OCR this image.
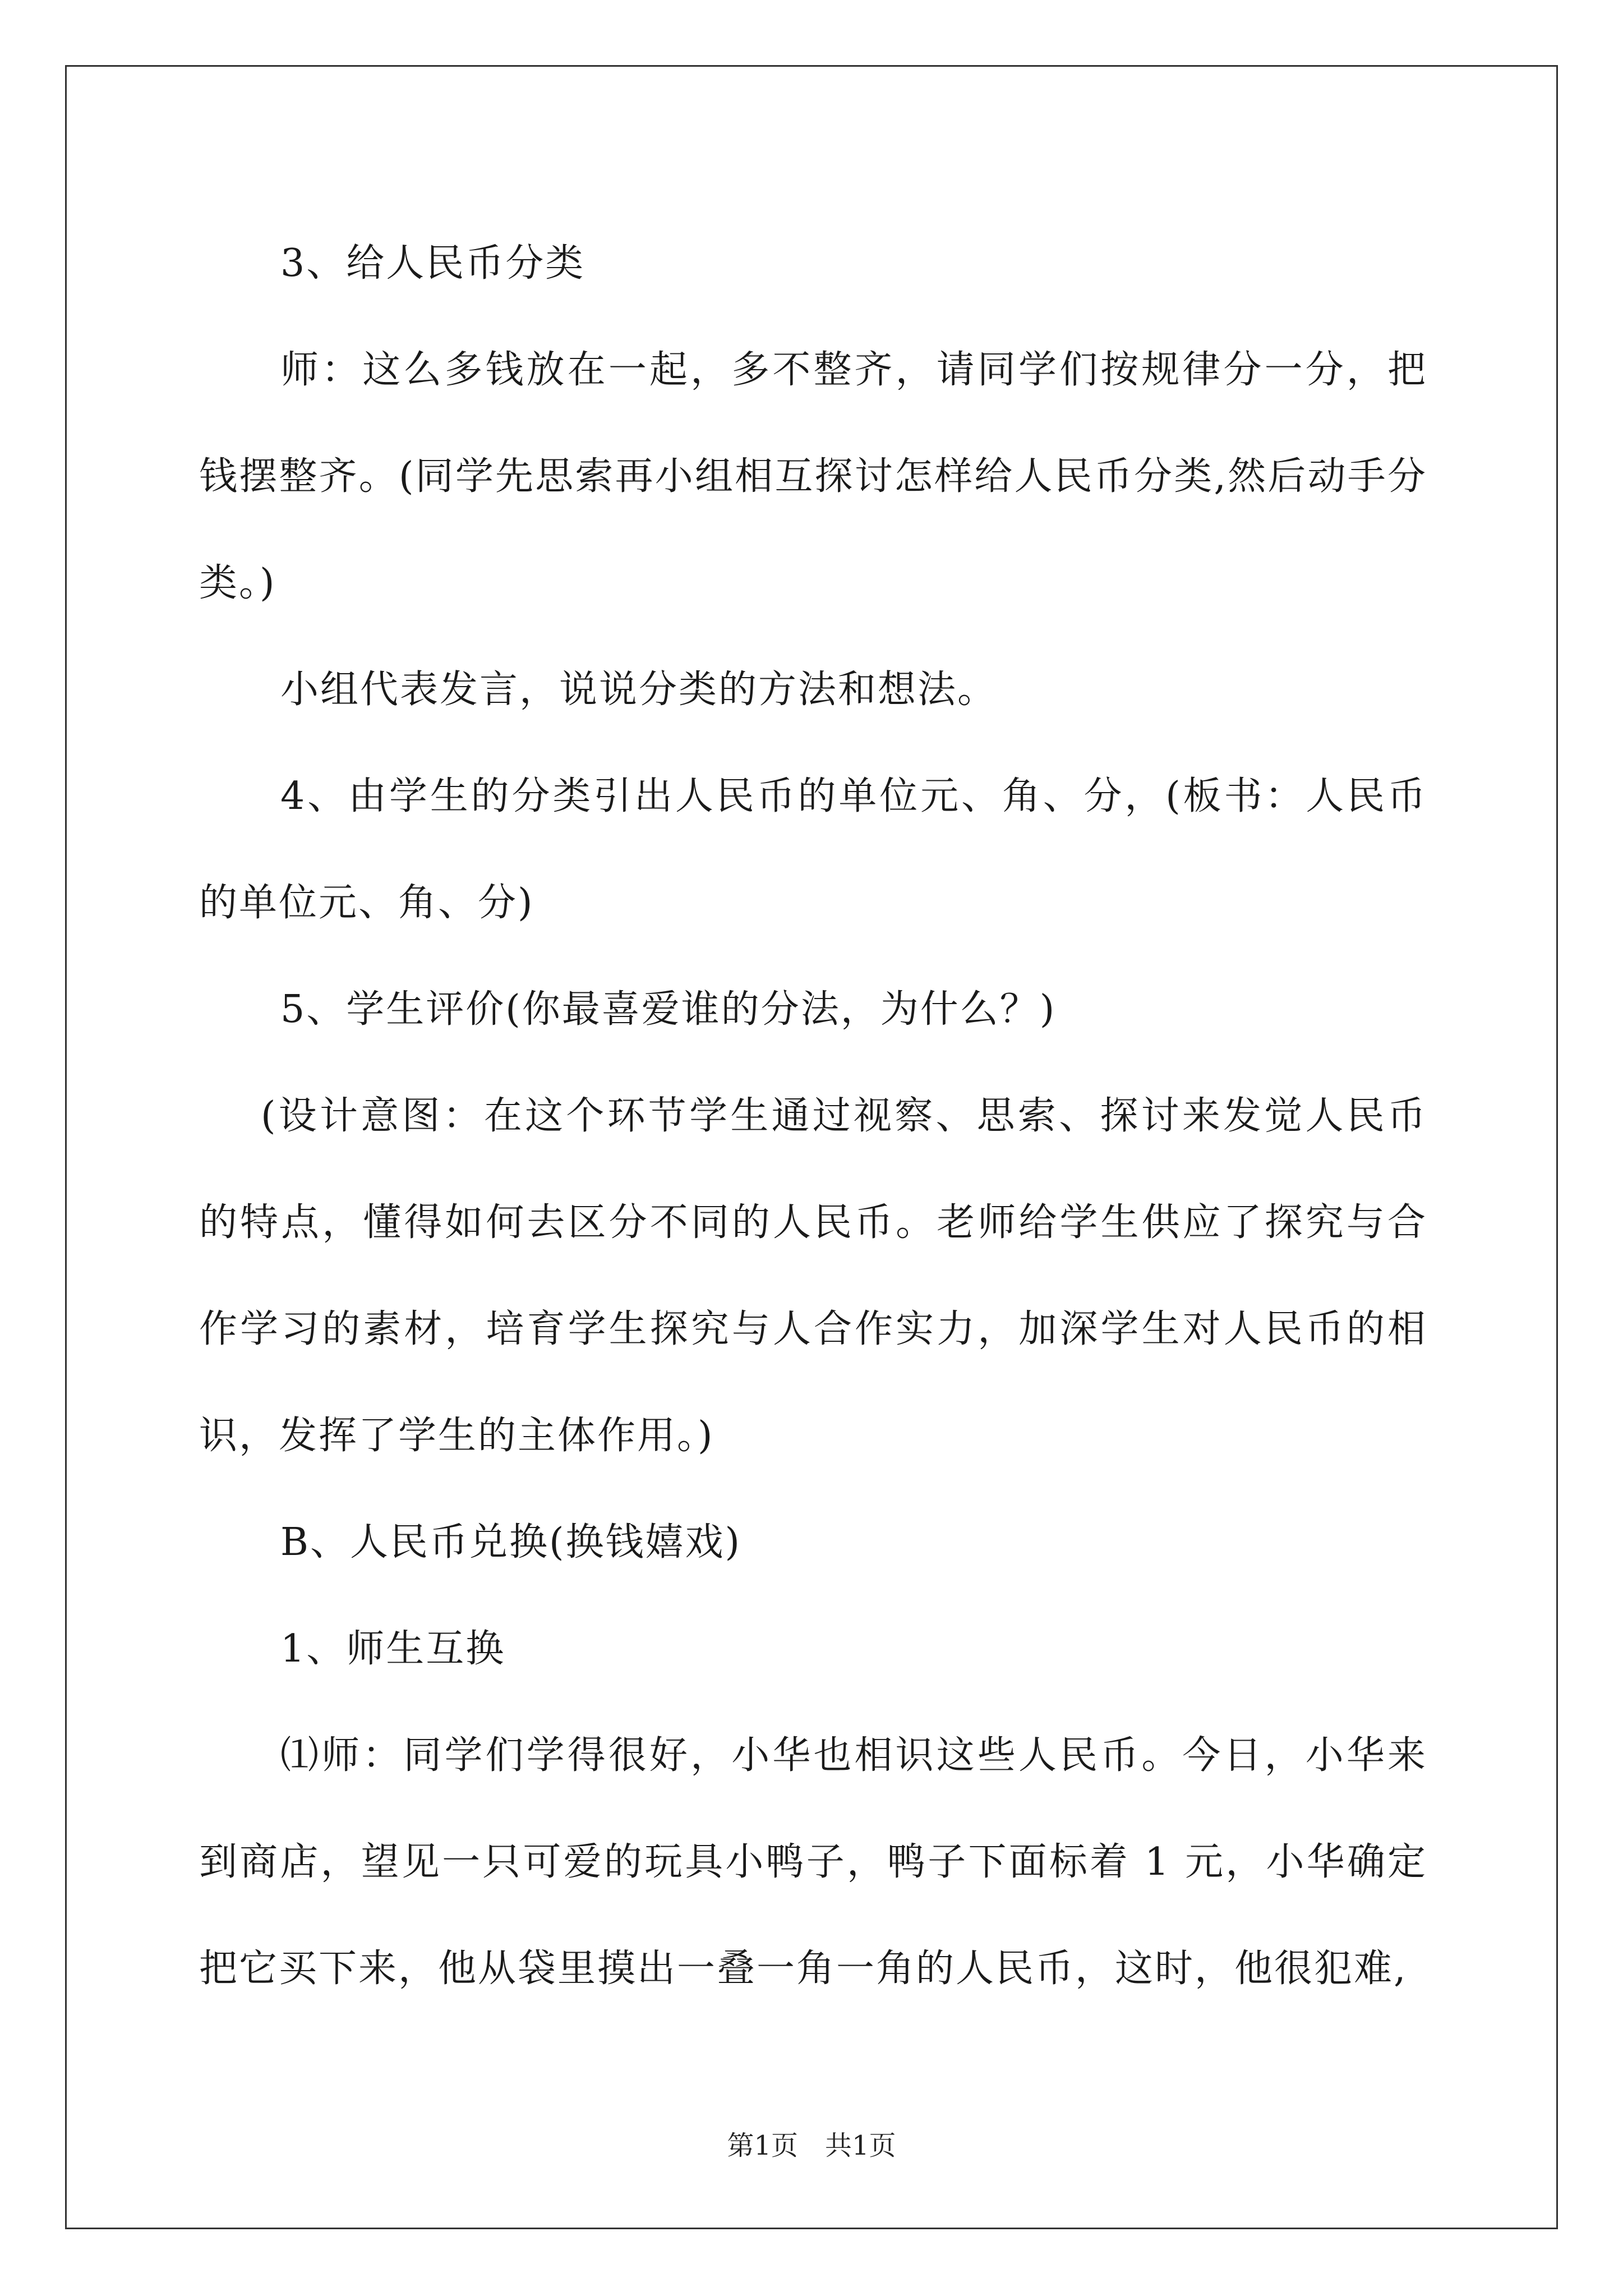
3、给人民币分类

师：这么多钱放在一起，多不整齐，请同学们按规律分一分，把钱摆整齐。(同学先思索再小组相互探讨怎样给人民币分类,然后动手分类。)

小组代表发言，说说分类的方法和想法。

4、由学生的分类引出人民币的单位元、角、分，(板书：人民币的单位元、角、分)

5、学生评价(你最喜爱谁的分法，为什么？)

(设计意图：在这个环节学生通过视察、思索、探讨来发觉人民币的特点，懂得如何去区分不同的人民币。老师给学生供应了探究与合作学习的素材，培育学生探究与人合作实力，加深学生对人民币的相识，发挥了学生的主体作用。)

B、人民币兑换(换钱嬉戏)

1、师生互换

⑴师：同学们学得很好，小华也相识这些人民币。今日，小华来到商店，望见一只可爱的玩具小鸭子，鸭子下面标着 1 元，小华确定把它买下来，他从袋里摸出一叠一角一角的人民币，这时，他很犯难,

第1页　共1页
